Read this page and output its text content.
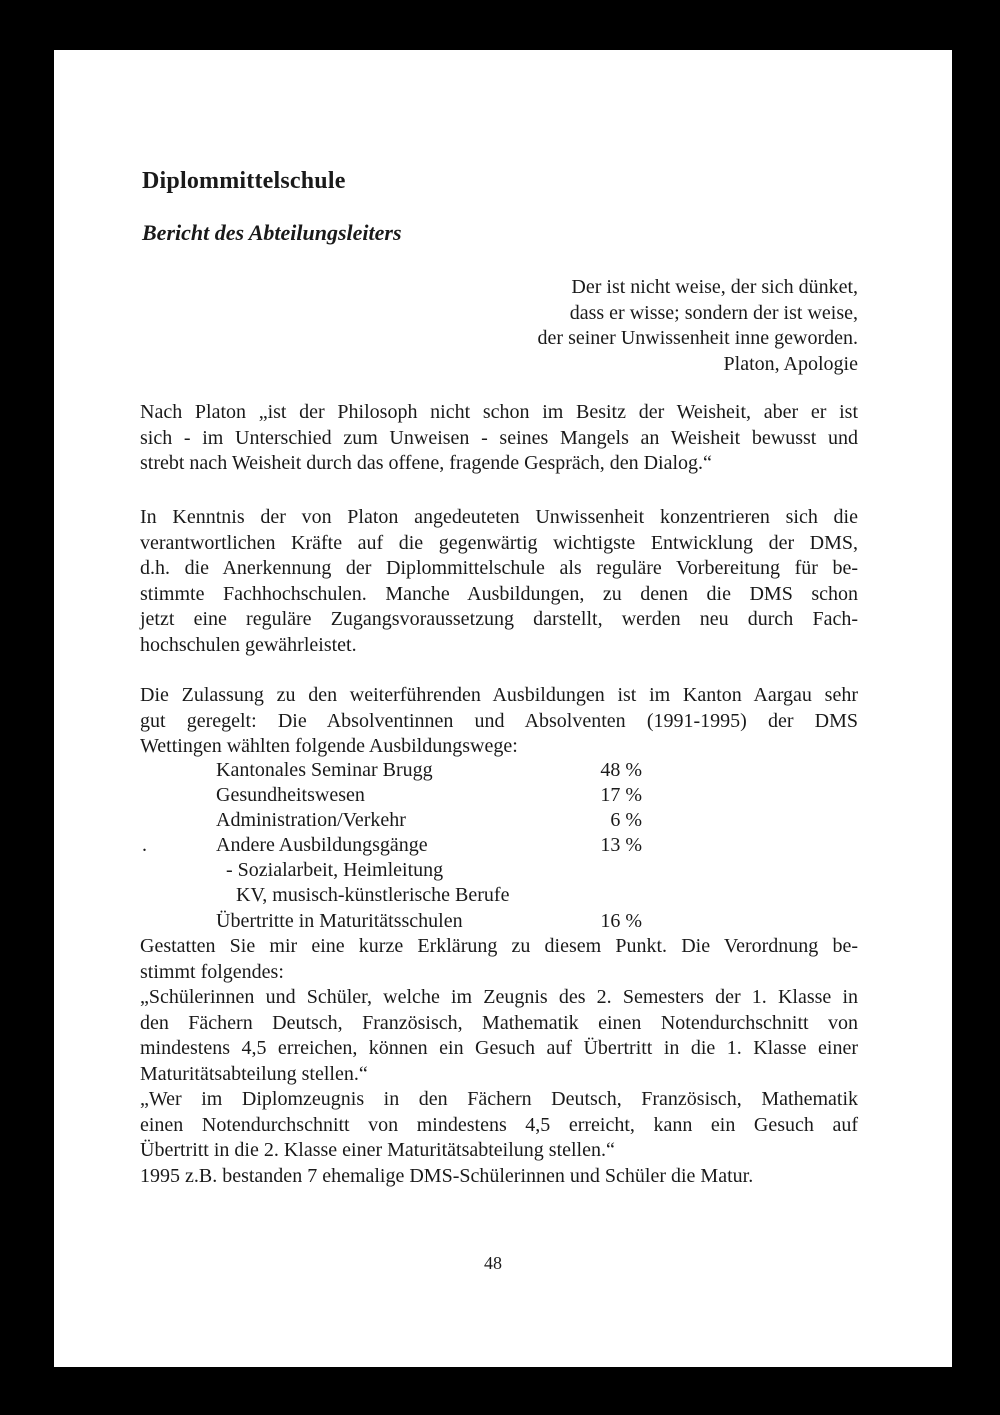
Diplommittelschule
Bericht des Abteilungsleiters
Der ist nicht weise, der sich dünket,
dass er wisse; sondern der ist weise,
der seiner Unwissenheit inne geworden.
Platon, Apologie

Nach Platon „ist der Philosoph nicht schon im Besitz der Weisheit, aber er ist
sich - im Unterschied zum Unweisen - seines Mangels an Weisheit bewusst und
strebt nach Weisheit durch das offene, fragende Gespräch, den Dialog.“

In Kenntnis der von Platon angedeuteten Unwissenheit konzentrieren sich die
verantwortlichen Kräfte auf die gegenwärtig wichtigste Entwicklung der DMS,
d.h. die Anerkennung der Diplommittelschule als reguläre Vorbereitung für be-
stimmte Fachhochschulen. Manche Ausbildungen, zu denen die DMS schon
jetzt eine reguläre Zugangsvoraussetzung darstellt, werden neu durch Fach-
hochschulen gewährleistet.

Die Zulassung zu den weiterführenden Ausbildungen ist im Kanton Aargau sehr
gut geregelt: Die Absolventinnen und Absolventen (1991-1995) der DMS
Wettingen wählten folgende Ausbildungswege:

Kantonales Seminar Brugg	48 %
Gesundheitswesen	17 %
Administration/Verkehr	6 %
.	Andere Ausbildungsgänge	13 %
- Sozialarbeit, Heimleitung
KV, musisch-künstlerische Berufe
Übertritte in Maturitätsschulen	16 %

Gestatten Sie mir eine kurze Erklärung zu diesem Punkt. Die Verordnung be-
stimmt folgendes:
„Schülerinnen und Schüler, welche im Zeugnis des 2. Semesters der 1. Klasse in
den Fächern Deutsch, Französisch, Mathematik einen Notendurchschnitt von
mindestens 4,5 erreichen, können ein Gesuch auf Übertritt in die 1. Klasse einer
Maturitätsabteilung stellen.“
„Wer im Diplomzeugnis in den Fächern Deutsch, Französisch, Mathematik
einen Notendurchschnitt von mindestens 4,5 erreicht, kann ein Gesuch auf
Übertritt in die 2. Klasse einer Maturitätsabteilung stellen.“
1995 z.B. bestanden 7 ehemalige DMS-Schülerinnen und Schüler die Matur.

48
